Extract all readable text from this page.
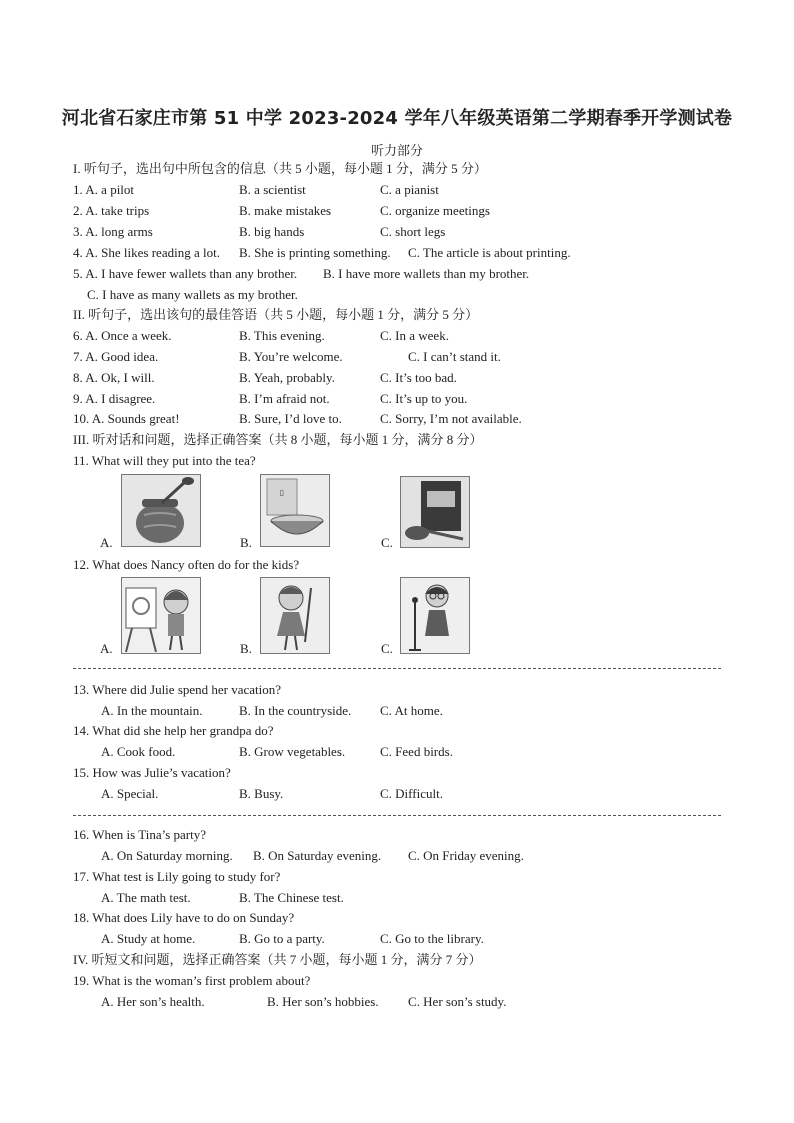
河北省石家庄市第 51 中学 2023-2024 学年八年级英语第二学期春季开学测试卷
听力部分
I. 听句子，选出句中所包含的信息（共 5 小题，每小题 1 分，满分 5 分）
1. A. a pilot	B. a scientist	C. a pianist
2. A. take trips	B. make mistakes	C. organize meetings
3. A. long arms	B. big hands	C. short legs
4. A. She likes reading a lot. B. She is printing something. C. The article is about printing.
5. A. I have fewer wallets than any brother. B. I have more wallets than my brother.
C. I have as many wallets as my brother.
II. 听句子，选出该句的最佳答语（共 5 小题，每小题 1 分，满分 5 分）
6. A. Once a week.	B. This evening.	C. In a week.
7. A. Good idea.	B. You’re welcome.	C. I can’t stand it.
8. A. Ok, I will.	B. Yeah, probably.	C. It’s too bad.
9. A. I disagree.	B. I’m afraid not.	C. It’s up to you.
10. A. Sounds great!	B. Sure, I’d love to.	C. Sorry, I’m not available.
III. 听对话和问题，选择正确答案（共 8 小题，每小题 1 分，满分 8 分）
11. What will they put into the tea?
A.	B.
▯
C.
12. What does Nancy often do for the kids?
A.	B.	C.
13. Where did Julie spend her vacation?
A. In the mountain.	B. In the countryside. C. At home.
14. What did she help her grandpa do?
A. Cook food.	B. Grow vegetables.	C. Feed birds.
15. How was Julie’s vacation?
A. Special.	B. Busy.	C. Difficult.
16. When is Tina’s party?
A. On Saturday morning. B. On Saturday evening. C. On Friday evening.
17. What test is Lily going to study for?
A. The math test.	B. The Chinese test.
18. What does Lily have to do on Sunday?
A. Study at home.	B. Go to a party.	C. Go to the library.
IV. 听短文和问题，选择正确答案（共 7 小题，每小题 1 分，满分 7 分）
19. What is the woman’s first problem about?
A. Her son’s health.	B. Her son’s hobbies. C. Her son’s study.
